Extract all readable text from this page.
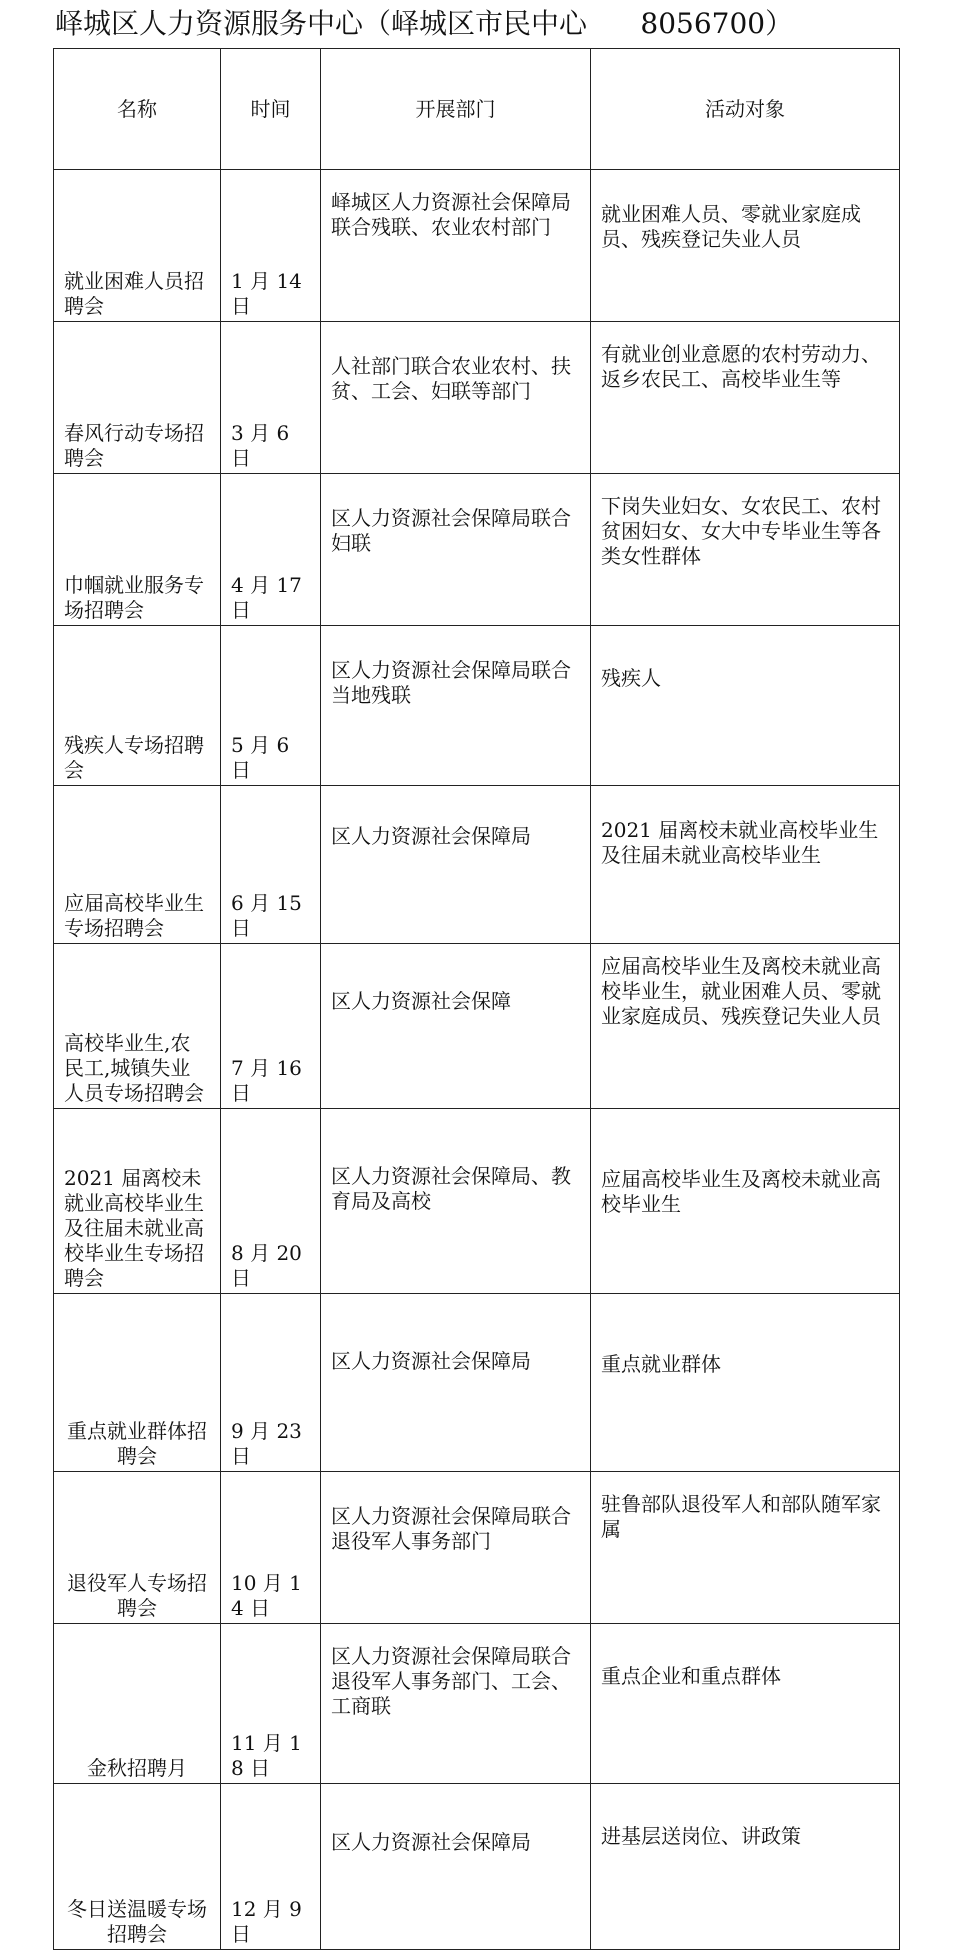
峄城区人力资源服务中心（峄城区市民中心      8056700）
名称	时间	开展部门	活动对象
就业困难人员招聘会	1 月 14 日	峄城区人力资源社会保障局联合残联、农业农村部门	就业困难人员、零就业家庭成员、残疾登记失业人员
春风行动专场招聘会	3 月 6 日	人社部门联合农业农村、扶贫、工会、妇联等部门	有就业创业意愿的农村劳动力、 返乡农民工、高校毕业生等
巾帼就业服务专场招聘会	4 月 17 日	区人力资源社会保障局联合妇联	下岗失业妇女、女农民工、农村贫困妇女、女大中专毕业生等各类女性群体
残疾人专场招聘会	5 月 6 日	区人力资源社会保障局联合当地残联	残疾人
应届高校毕业生专场招聘会	6 月 15 日	区人力资源社会保障局	2021 届离校未就业高校毕业生及往届未就业高校毕业生
高校毕业生,农民工,城镇失业人员专场招聘会	7 月 16 日	区人力资源社会保障	应届高校毕业生及离校未就业高校毕业生，就业困难人员、零就业家庭成员、残疾登记失业人员
2021 届离校未就业高校毕业生及往届未就业高校毕业生专场招聘会	8 月 20 日	区人力资源社会保障局、教育局及高校	应届高校毕业生及离校未就业高校毕业生
重点就业群体招聘会	9 月 23 日	区人力资源社会保障局	重点就业群体
退役军人专场招聘会	10 月 14 日	区人力资源社会保障局联合退役军人事务部门	驻鲁部队退役军人和部队随军家属
金秋招聘月	11 月 18 日	区人力资源社会保障局联合退役军人事务部门、工会、工商联	重点企业和重点群体
冬日送温暖专场招聘会	12 月 9 日	区人力资源社会保障局	进基层送岗位、讲政策
